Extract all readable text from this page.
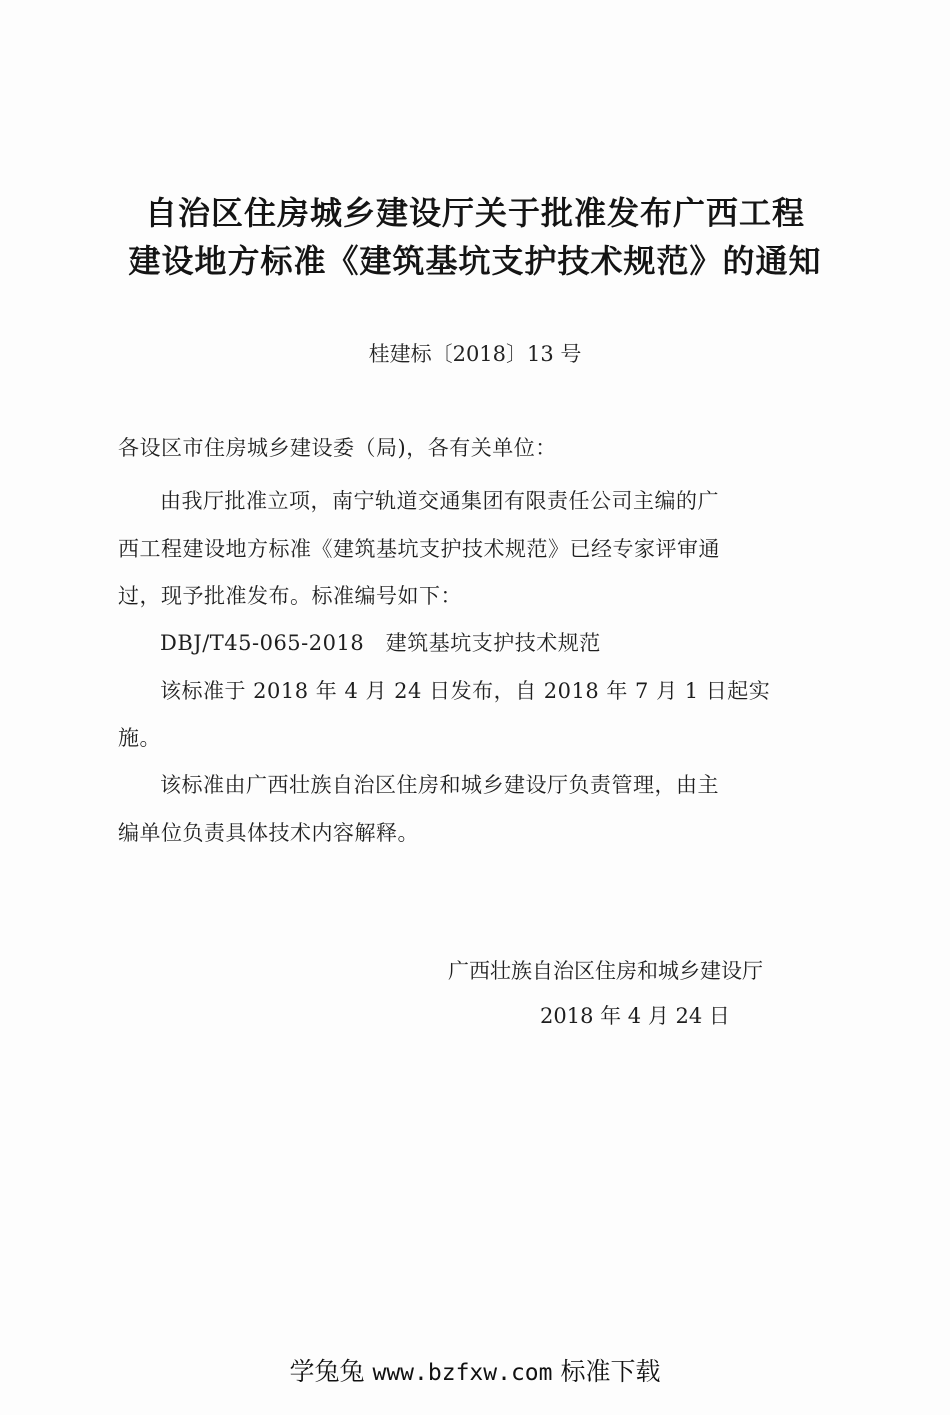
自治区住房城乡建设厅关于批准发布广西工程
建设地方标准《建筑基坑支护技术规范》的通知
桂建标〔2018〕13 号
各设区市住房城乡建设委（局)，各有关单位：
由我厅批准立项，南宁轨道交通集团有限责任公司主编的广
西工程建设地方标准《建筑基坑支护技术规范》已经专家评审通
过，现予批准发布。标准编号如下：
DBJ/T45-065-2018　建筑基坑支护技术规范
该标准于 2018 年 4 月 24 日发布，自 2018 年 7 月 1 日起实
施。
该标准由广西壮族自治区住房和城乡建设厅负责管理，由主
编单位负责具体技术内容解释。
广西壮族自治区住房和城乡建设厅
2018 年 4 月 24 日
学兔兔 www.bzfxw.com 标准下载
